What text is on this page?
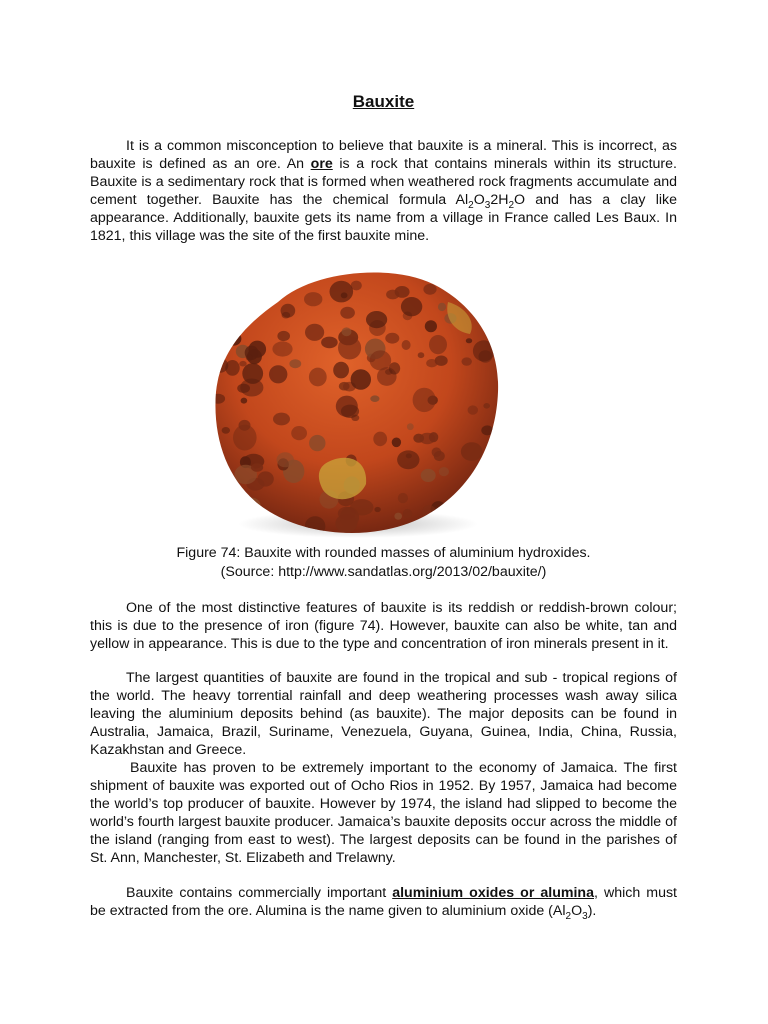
Bauxite

It is a common misconception to believe that bauxite is a mineral. This is incorrect, as bauxite is defined as an ore. An ore is a rock that contains minerals within its structure. Bauxite is a sedimentary rock that is formed when weathered rock fragments accumulate and cement together. Bauxite has the chemical formula $Al_2O_32H_2O$ and has a clay like appearance. Additionally, bauxite gets its name from a village in France called Les Baux. In 1821, this village was the site of the first bauxite mine.

Figure 74: Bauxite with rounded masses of aluminium hydroxides.

(Source: http://www.sandatlas.org/2013/02/bauxite/)

One of the most distinctive features of bauxite is its reddish or reddish-brown colour; this is due to the presence of iron (figure 74). However, bauxite can also be white, tan and yellow in appearance. This is due to the type and concentration of iron minerals present in it.

The largest quantities of bauxite are found in the tropical and sub - tropical regions of the world. The heavy torrential rainfall and deep weathering processes wash away silica leaving the aluminium deposits behind (as bauxite). The major deposits can be found in Australia, Jamaica, Brazil, Suriname, Venezuela, Guyana, Guinea, India, China, Russia, Kazakhstan and Greece.

Bauxite has proven to be extremely important to the economy of Jamaica. The first shipment of bauxite was exported out of Ocho Rios in 1952. By 1957, Jamaica had become the world’s top producer of bauxite. However by 1974, the island had slipped to become the world’s fourth largest bauxite producer. Jamaica’s bauxite deposits occur across the middle of the island (ranging from east to west). The largest deposits can be found in the parishes of St. Ann, Manchester, St. Elizabeth and Trelawny.

Bauxite contains commercially important aluminium oxides or alumina, which must be extracted from the ore. Alumina is the name given to aluminium oxide $(Al_2O_3)$.
